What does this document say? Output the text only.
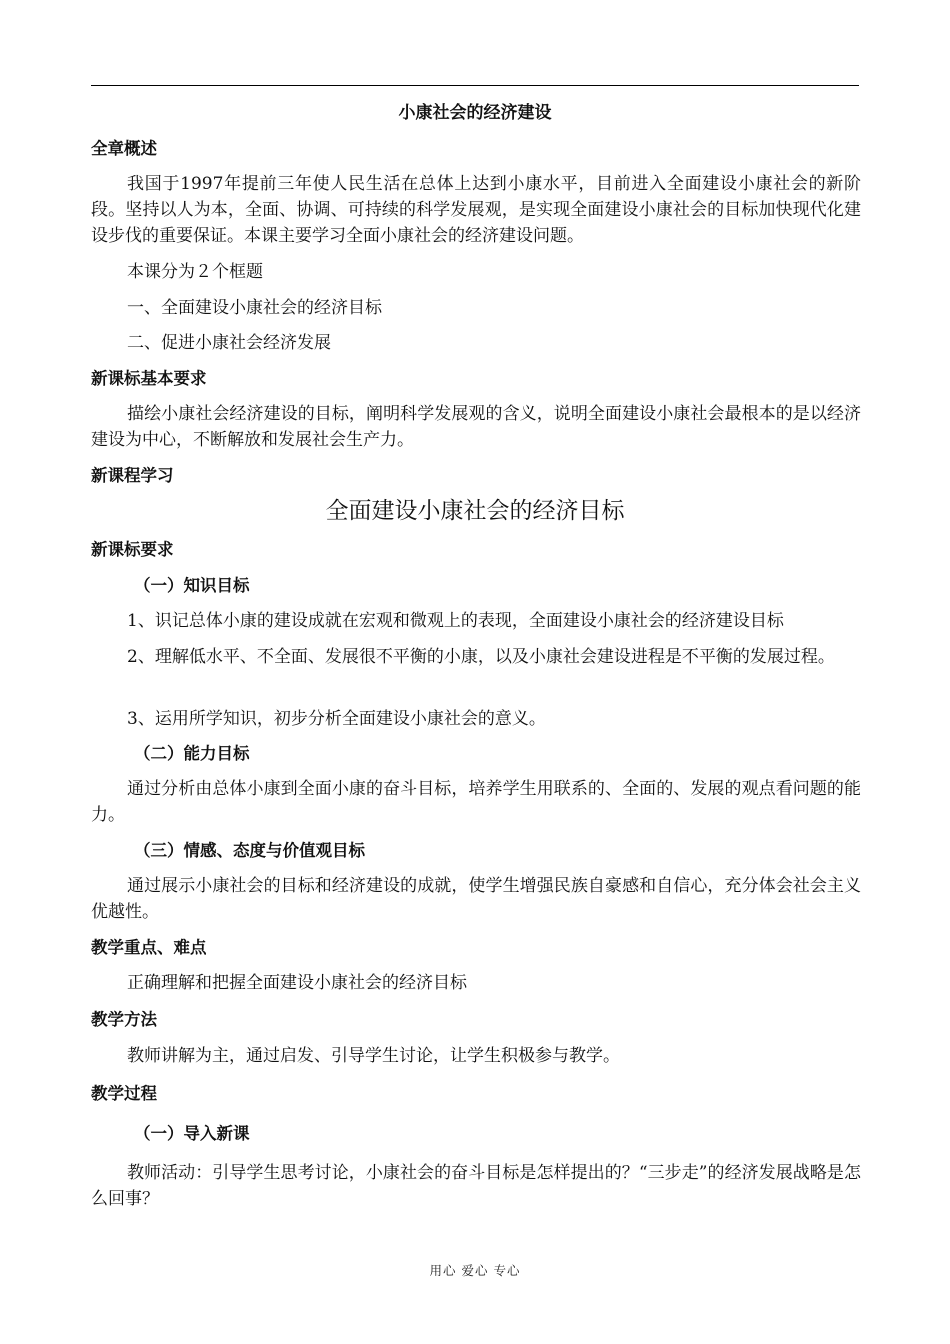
小康社会的经济建设
全章概述
我国于1997年提前三年使人民生活在总体上达到小康水平，目前进入全面建设小康社会的新阶段。坚持以人为本，全面、协调、可持续的科学发展观，是实现全面建设小康社会的目标加快现代化建设步伐的重要保证。本课主要学习全面小康社会的经济建设问题。
本课分为２个框题
一、全面建设小康社会的经济目标
二、促进小康社会经济发展
新课标基本要求
描绘小康社会经济建设的目标，阐明科学发展观的含义，说明全面建设小康社会最根本的是以经济建设为中心，不断解放和发展社会生产力。
新课程学习
全面建设小康社会的经济目标
新课标要求
（一）知识目标
1、识记总体小康的建设成就在宏观和微观上的表现，全面建设小康社会的经济建设目标
2、理解低水平、不全面、发展很不平衡的小康，以及小康社会建设进程是不平衡的发展过程。
3、运用所学知识，初步分析全面建设小康社会的意义。
（二）能力目标
通过分析由总体小康到全面小康的奋斗目标，培养学生用联系的、全面的、发展的观点看问题的能力。
（三）情感、态度与价值观目标
通过展示小康社会的目标和经济建设的成就，使学生增强民族自豪感和自信心，充分体会社会主义优越性。
教学重点、难点
正确理解和把握全面建设小康社会的经济目标
教学方法
教师讲解为主，通过启发、引导学生讨论，让学生积极参与教学。
教学过程
（一）导入新课
教师活动：引导学生思考讨论，小康社会的奋斗目标是怎样提出的？“三步走”的经济发展战略是怎么回事？
用心 爱心 专心
